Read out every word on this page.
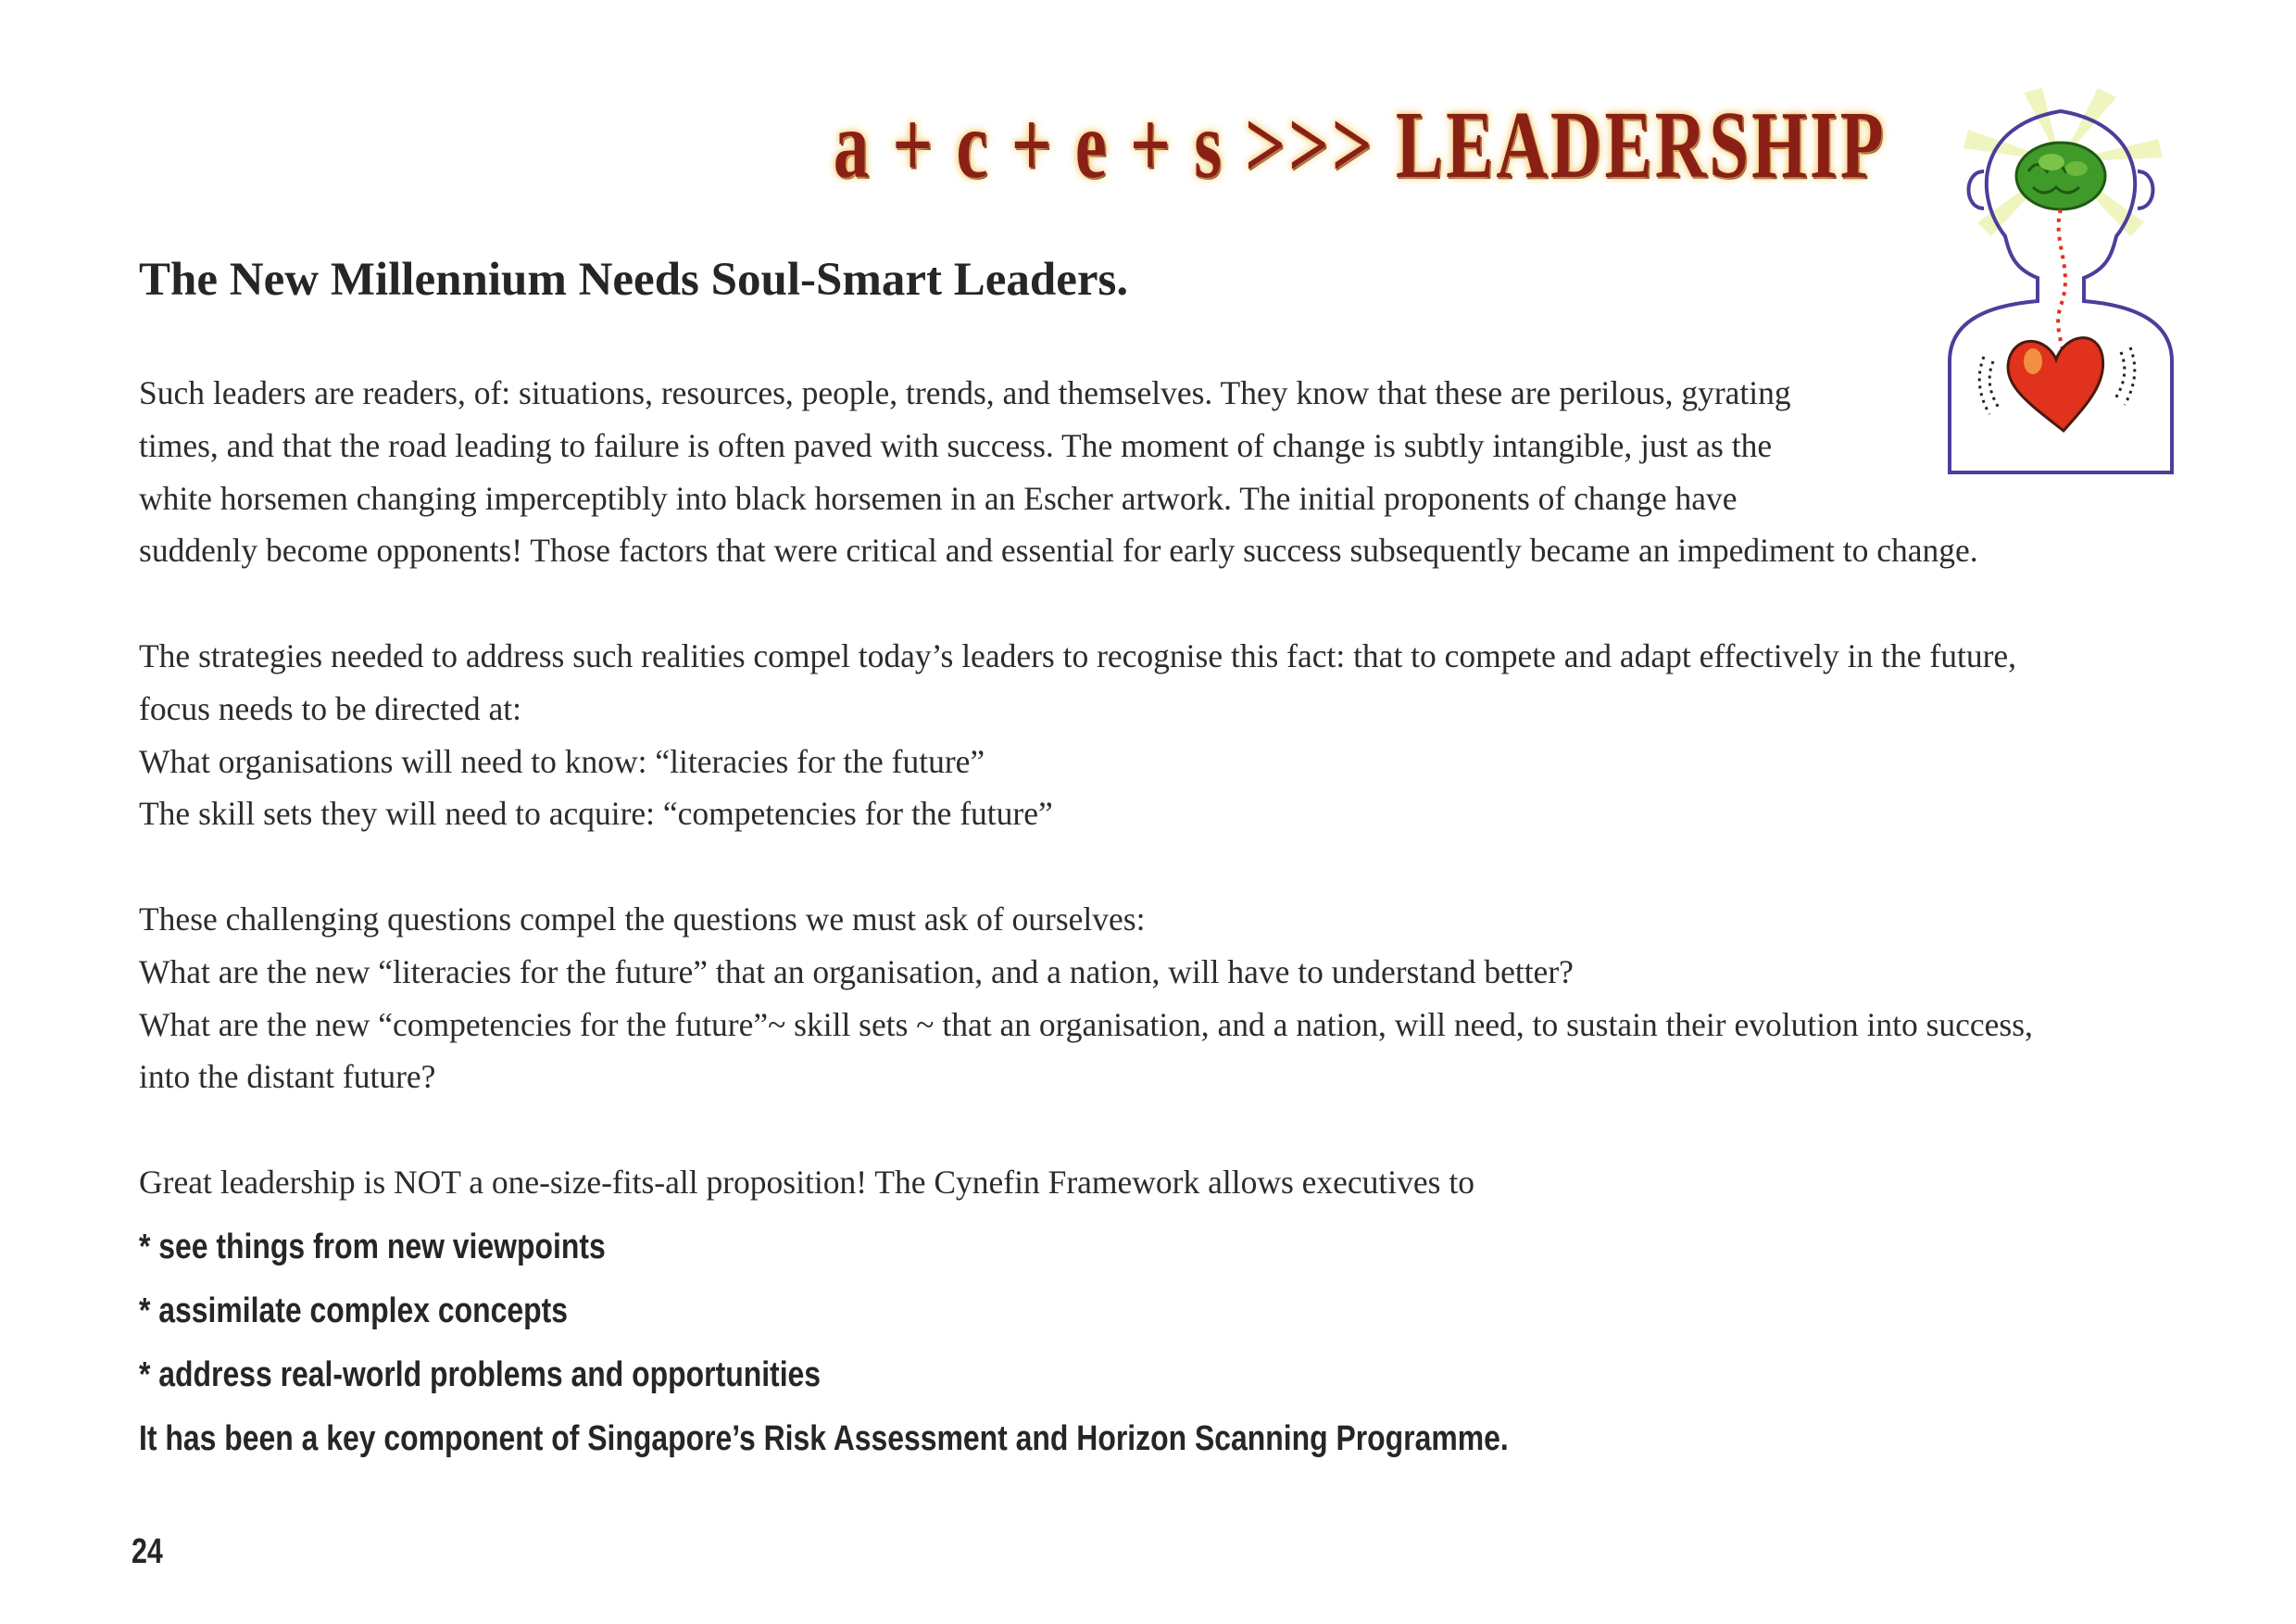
a + c + e + s >>> LEADERSHIP
The New Millennium Needs Soul-Smart Leaders.

Such leaders are readers, of: situations, resources, people, trends, and themselves. They know that these are perilous, gyrating

times, and that the road leading to failure is often paved with success. The moment of change is subtly intangible, just as the

white horsemen changing imperceptibly into black horsemen in an Escher artwork. The initial proponents of change have

suddenly become opponents! Those factors that were critical and essential for early success subsequently became an impediment to change.

The strategies needed to address such realities compel today’s leaders to recognise this fact: that to compete and adapt effectively in the future,

focus needs to be directed at:

What organisations will need to know: “literacies for the future”

The skill sets they will need to acquire: “competencies for the future”

These challenging questions compel the questions we must ask of ourselves:

What are the new “literacies for the future” that an organisation, and a nation, will have to understand better?

What are the new “competencies for the future”~ skill sets ~ that an organisation, and a nation, will need, to sustain their evolution into success,

into the distant future?

Great leadership is NOT a one-size-fits-all proposition! The Cynefin Framework allows executives to

* see things from new viewpoints

* assimilate complex concepts

* address real-world problems and opportunities

It has been a key component of Singapore’s Risk Assessment and Horizon Scanning Programme.

24
